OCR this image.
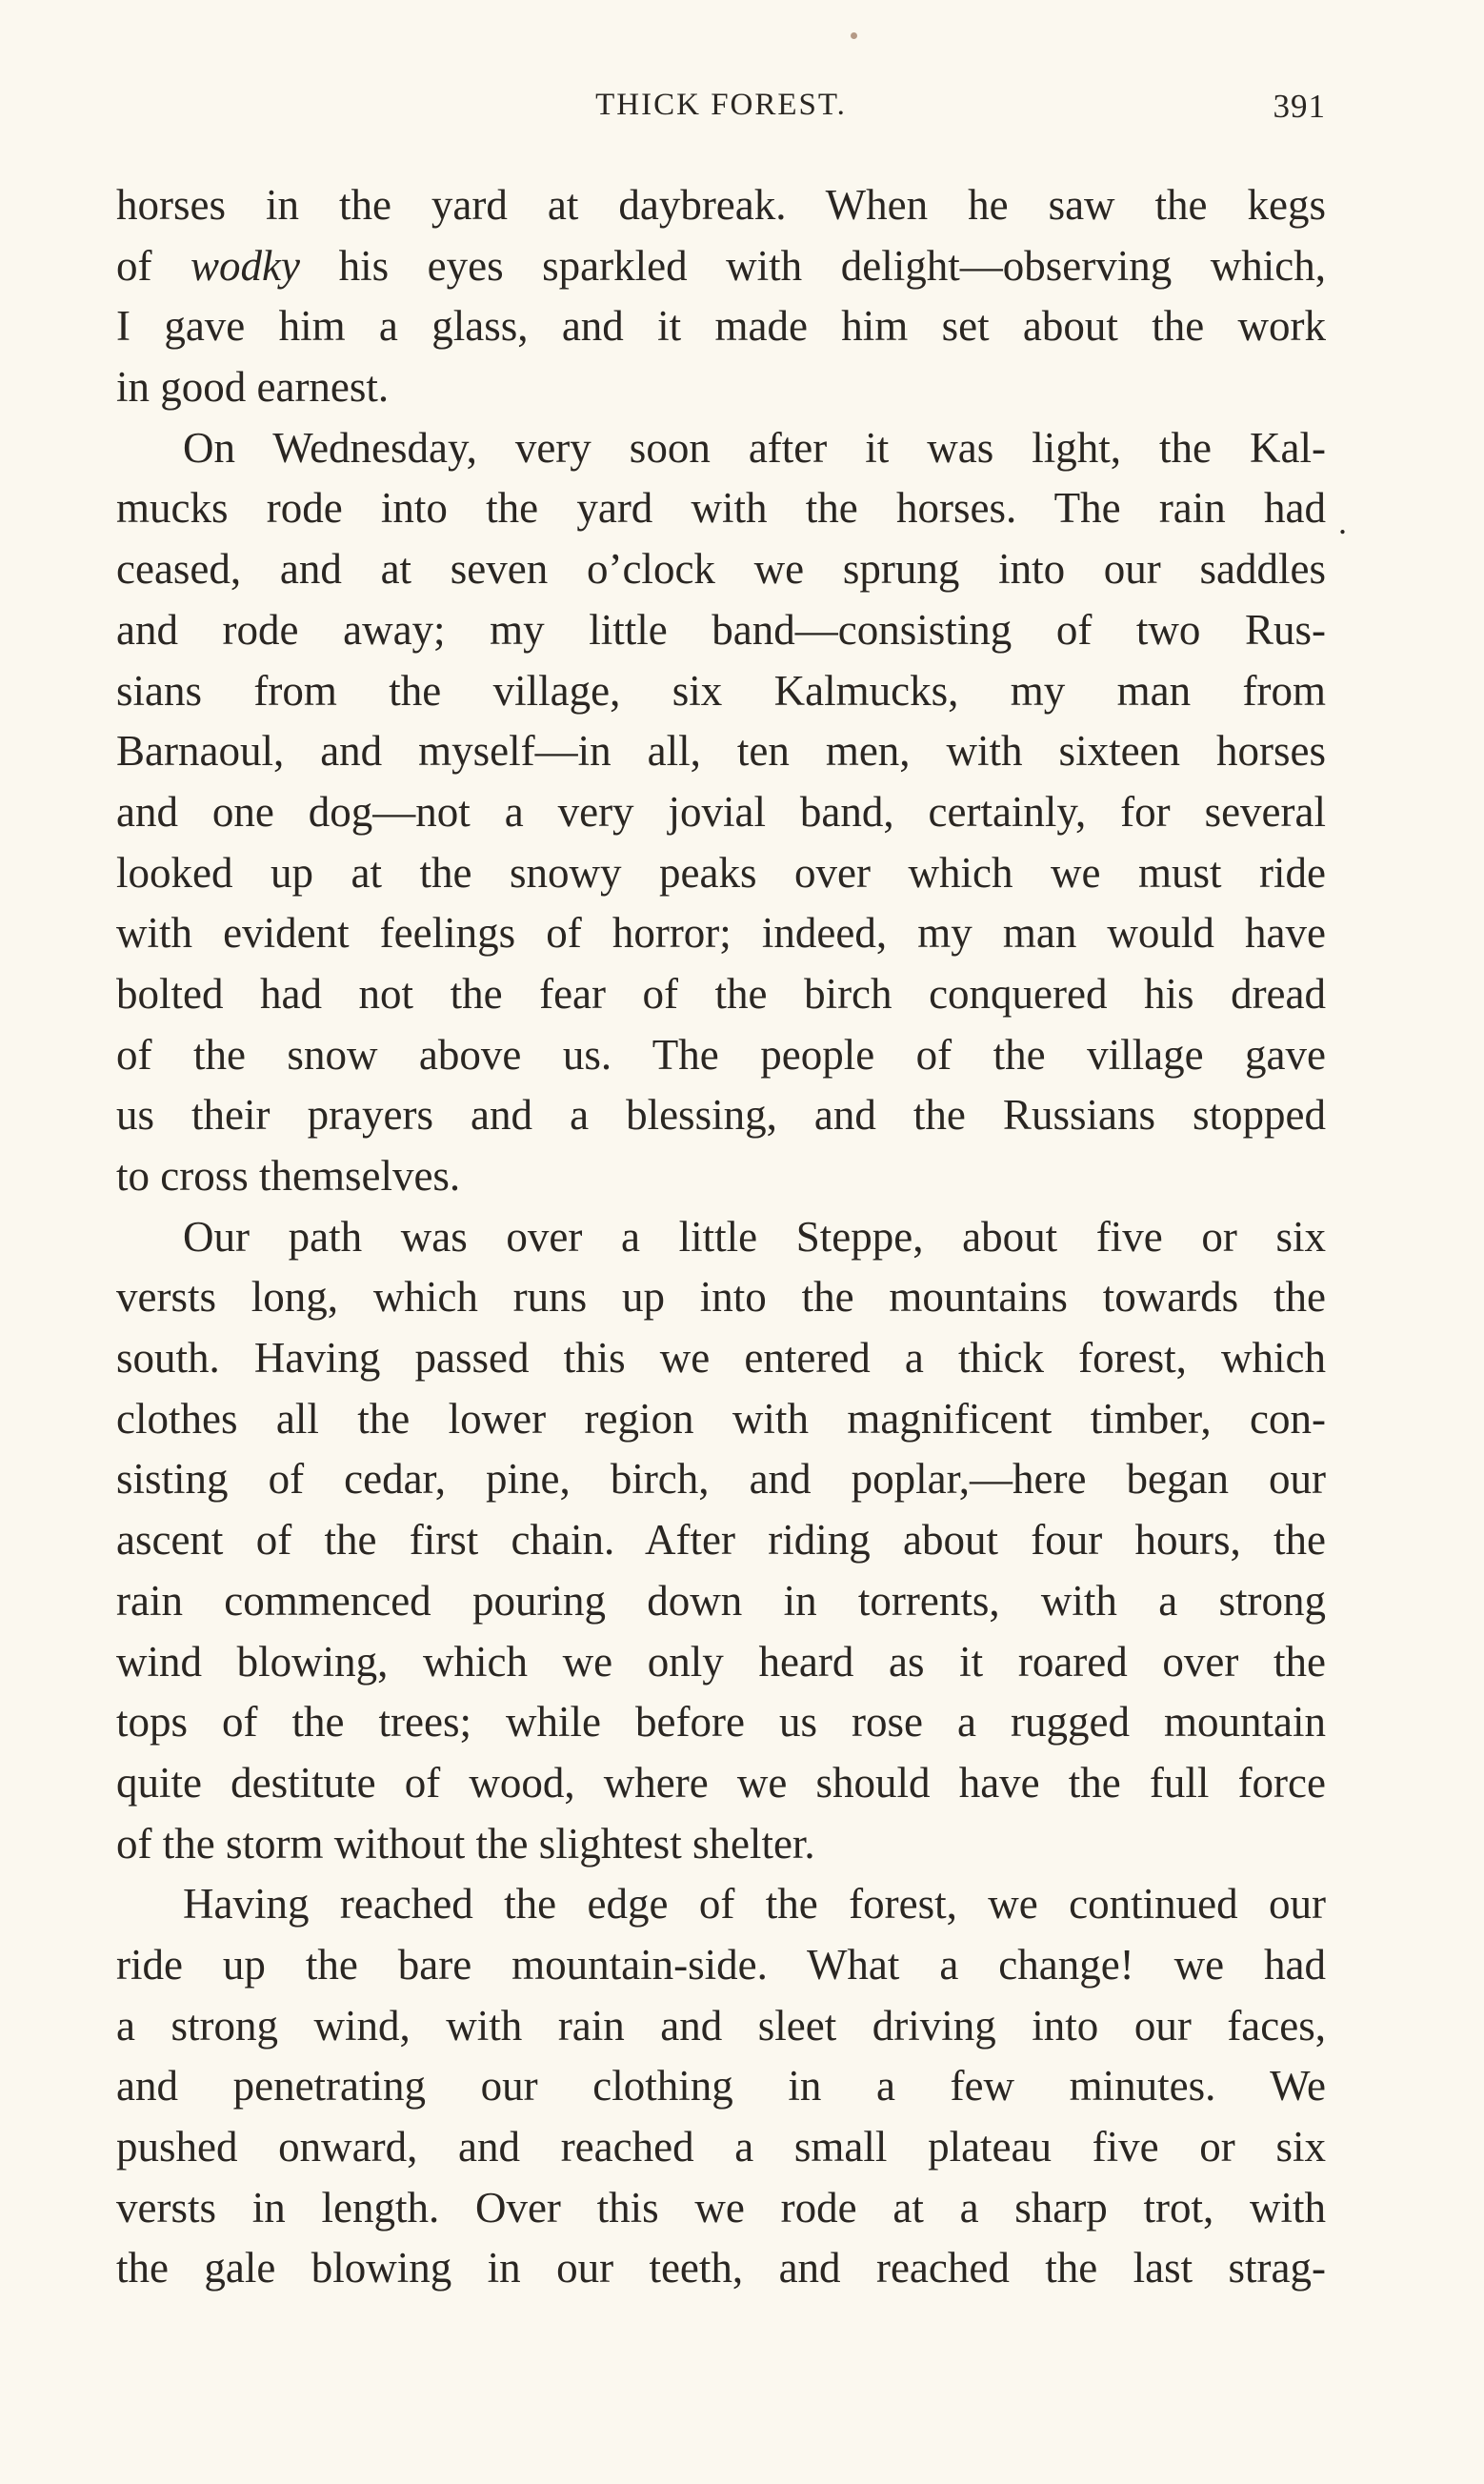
THICK FOREST.	391
.
horses in the yard at daybreak. When he saw the kegs
of wodky his eyes sparkled with delight—observing which,
I gave him a glass, and it made him set about the work
in good earnest.
On Wednesday, very soon after it was light, the Kal-
mucks rode into the yard with the horses. The rain had
ceased, and at seven o’clock we sprung into our saddles
and rode away; my little band—consisting of two Rus-
sians from the village, six Kalmucks, my man from
Barnaoul, and myself—in all, ten men, with sixteen horses
and one dog—not a very jovial band, certainly, for several
looked up at the snowy peaks over which we must ride
with evident feelings of horror; indeed, my man would have
bolted had not the fear of the birch conquered his dread
of the snow above us. The people of the village gave
us their prayers and a blessing, and the Russians stopped
to cross themselves.
Our path was over a little Steppe, about five or six
versts long, which runs up into the mountains towards the
south. Having passed this we entered a thick forest, which
clothes all the lower region with magnificent timber, con-
sisting of cedar, pine, birch, and poplar,—here began our
ascent of the first chain. After riding about four hours, the
rain commenced pouring down in torrents, with a strong
wind blowing, which we only heard as it roared over the
tops of the trees; while before us rose a rugged mountain
quite destitute of wood, where we should have the full force
of the storm without the slightest shelter.
Having reached the edge of the forest, we continued our
ride up the bare mountain-side. What a change! we had
a strong wind, with rain and sleet driving into our faces,
and penetrating our clothing in a few minutes. We
pushed onward, and reached a small plateau five or six
versts in length. Over this we rode at a sharp trot, with
the gale blowing in our teeth, and reached the last strag-
